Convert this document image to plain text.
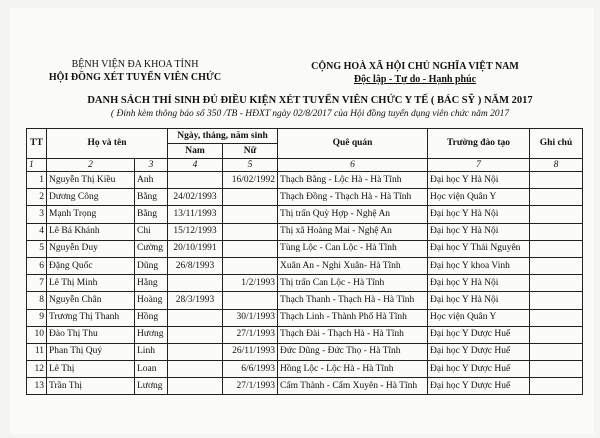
BỆNH VIỆN ĐA KHOA TỈNH
HỘI ĐỒNG XÉT TUYỂN VIÊN CHỨC
CỘNG HOÀ XÃ HỘI CHỦ NGHĨA VIỆT NAM
Độc lập - Tự do - Hạnh phúc
DANH SÁCH THÍ SINH ĐỦ ĐIỀU KIỆN XÉT TUYỂN VIÊN CHỨC Y TẾ ( BÁC SỸ ) NĂM 2017
( Đính kèm thông báo số 350 /TB - HĐXT ngày 02/8/2017 của Hội đồng tuyển dụng viên chức năm 2017
TT	Họ và tên		Ngày, tháng, năm sinh		Quê quán	Trường đào tạo	Ghi chú
			Nam	Nữ			
1	2	3	4	5	6	7	8
1	Nguyễn Thị Kiều	Anh		16/02/1992	Thạch Bằng - Lộc Hà - Hà Tĩnh	Đại học Y Hà Nội	
2	Dương Công	Bằng	24/02/1993		Thạch Đồng - Thạch Hà - Hà Tĩnh	Học viện Quân Y	
3	Mạnh Trọng	Bằng	13/11/1993		Thị trấn Quỳ Hợp - Nghệ An	Đại học Y Hà Nội	
4	Lê Bá Khánh	Chi	15/12/1993		Thị xã Hoàng Mai - Nghệ An	Đại học Y Hà Nội	
5	Nguyễn Duy	Cường	20/10/1991		Tùng Lộc - Can Lộc - Hà Tĩnh	Đại học Y Thái Nguyên	
6	Đặng Quốc	Dũng	26/8/1993		Xuân An - Nghi Xuân- Hà Tĩnh	Đại học Y khoa Vinh	
7	Lê Thị Minh	Hằng		1/2/1993	Thị trấn Can Lộc - Hà Tĩnh	Đại học Y Hà Nội	
8	Nguyễn Chân	Hoàng	28/3/1993		Thạch Thanh - Thạch Hà - Hà Tĩnh	Đại học Y Hà Nội	
9	Trương Thị Thanh	Hồng		30/1/1993	Thạch Linh - Thành Phố Hà Tĩnh	Học viện Quân Y	
10	Đào Thị Thu	Hương		27/1/1993	Thạch Đài - Thạch Hà - Hà Tĩnh	Đại học Y Dược Huế	
11	Phan Thị Quý	Linh		26/11/1993	Đức Dũng - Đức Thọ - Hà Tĩnh	Đại học Y Dược Huế	
12	Lê Thị	Loan		6/6/1993	Hồng Lộc - Lộc Hà - Hà Tĩnh	Đại học Y Dược Huế	
13	Trần Thị	Lương		27/1/1993	Cẩm Thành - Cẩm Xuyên - Hà Tĩnh	Đại học Y Dược Huế	
